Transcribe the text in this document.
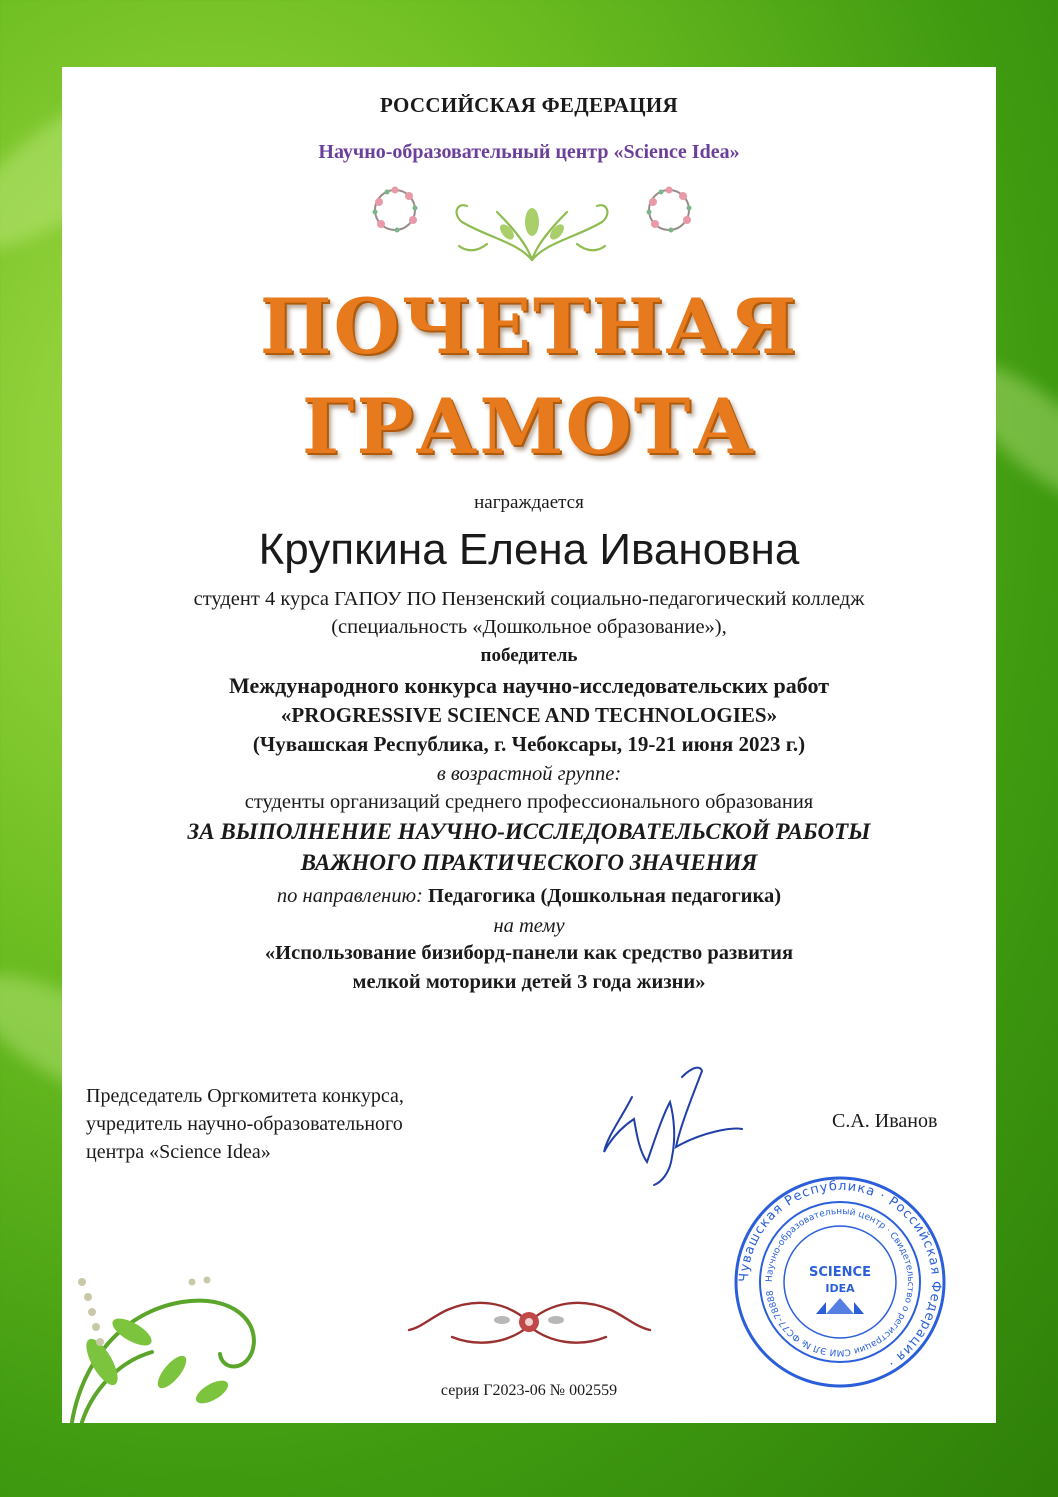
РОССИЙСКАЯ ФЕДЕРАЦИЯ
Научно-образовательный центр «Science Idea»
ПОЧЕТНАЯ
ГРАМОТА
награждается
Крупкина Елена Ивановна
студент 4 курса ГАПОУ ПО Пензенский социально-педагогический колледж
(специальность «Дошкольное образование»),
победитель
Международного конкурса научно-исследовательских работ
«PROGRESSIVE SCIENCE AND TECHNOLOGIES»
(Чувашская Республика, г. Чебоксары, 19-21 июня 2023 г.)
в возрастной группе:
студенты организаций среднего профессионального образования
ЗА ВЫПОЛНЕНИЕ НАУЧНО-ИССЛЕДОВАТЕЛЬСКОЙ РАБОТЫ
ВАЖНОГО ПРАКТИЧЕСКОГО ЗНАЧЕНИЯ
по направлению: Педагогика (Дошкольная педагогика)
на тему
«Использование бизиборд-панели как средство развития
мелкой моторики детей 3 года жизни»
Председатель Оргкомитета конкурса,
учредитель научно-образовательного
центра «Science Idea»
С.А. Иванов
Чувашская Республика · Российская Федерация ·
Научно-образовательный центр · Свидетельство о регистрации СМИ ЭЛ № ФС77-78888
SCIENCE
IDEA
серия Г2023-06 № 002559
